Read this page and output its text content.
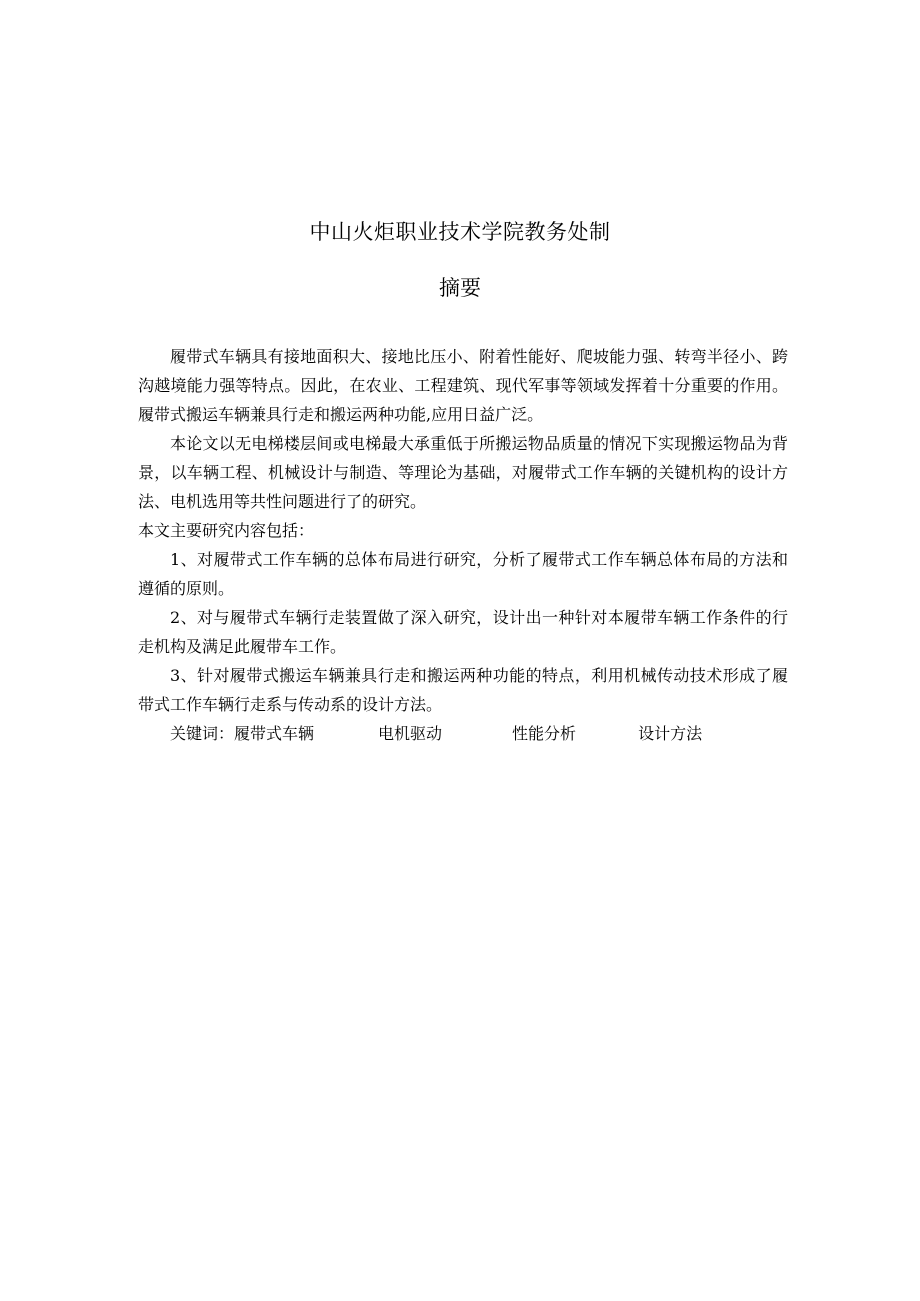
中山火炬职业技术学院教务处制
摘要

履带式车辆具有接地面积大、接地比压小、附着性能好、爬坡能力强、转弯半径小、跨沟越境能力强等特点。因此，在农业、工程建筑、现代军事等领域发挥着十分重要的作用。履带式搬运车辆兼具行走和搬运两种功能,应用日益广泛。

本论文以无电梯楼层间或电梯最大承重低于所搬运物品质量的情况下实现搬运物品为背景，以车辆工程、机械设计与制造、等理论为基础，对履带式工作车辆的关键机构的设计方法、电机选用等共性问题进行了的研究。

本文主要研究内容包括：

1、对履带式工作车辆的总体布局进行研究，分析了履带式工作车辆总体布局的方法和遵循的原则。

2、对与履带式车辆行走装置做了深入研究，设计出一种针对本履带车辆工作条件的行走机构及满足此履带车工作。

3、针对履带式搬运车辆兼具行走和搬运两种功能的特点，利用机械传动技术形成了履带式工作车辆行走系与传动系的设计方法。

关键词：履带式车辆	电机驱动	性能分析	设计方法
